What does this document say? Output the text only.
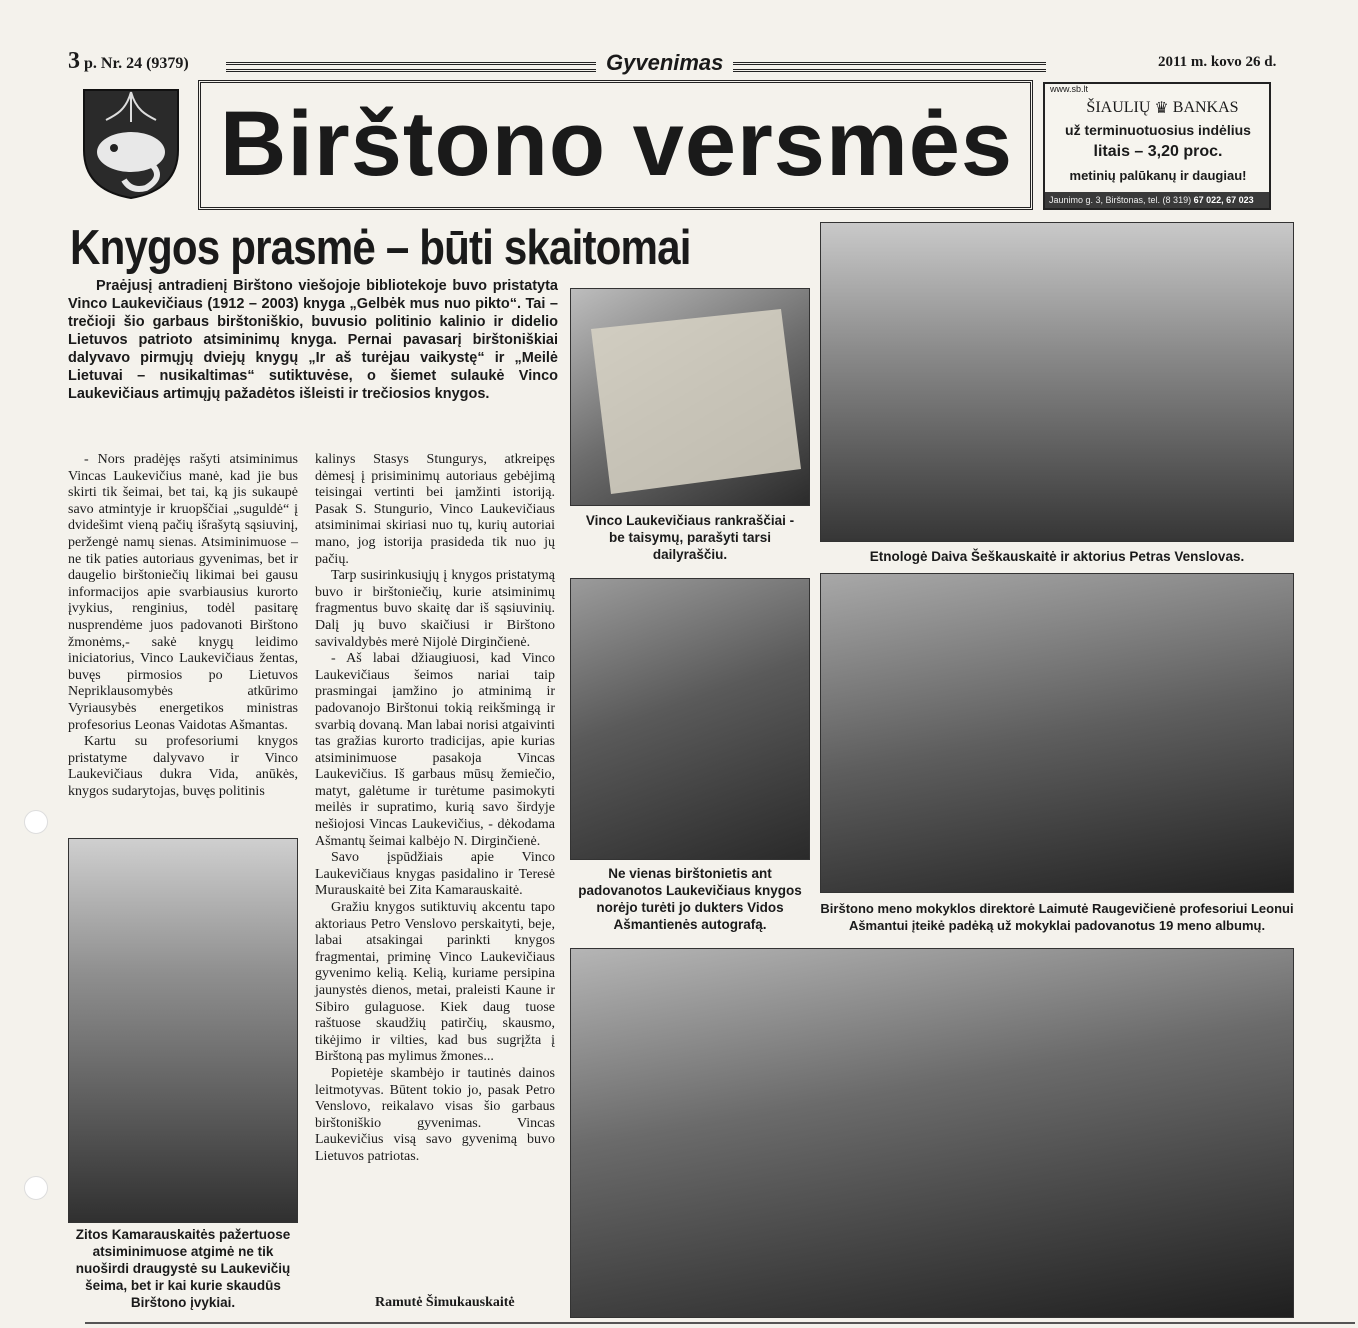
3 p. Nr. 24 (9379)	Gyvenimas	2011 m. kovo 26 d.
Birštono versmės
www.sb.lt
ŠIAULIŲ ♛ BANKAS
už terminuotuosius indėlius
litais – 3,20 proc.
metinių palūkanų ir daugiau!
Jaunimo g. 3, Birštonas, tel. (8 319) 67 022, 67 023
Knygos prasmė – būti skaitomai
Praėjusį antradienį Birštono viešojoje bibliotekoje buvo pristatyta Vinco Laukevičiaus (1912 – 2003) knyga „Gelbėk mus nuo pikto“. Tai – trečioji šio garbaus birštoniškio, buvusio politinio kalinio ir didelio Lietuvos patrioto atsiminimų knyga. Pernai pavasarį birštoniškiai dalyvavo pirmųjų dviejų knygų „Ir aš turėjau vaikystę“ ir „Meilė Lietuvai – nusikaltimas“ sutiktuvėse, o šiemet sulaukė Vinco Laukevičiaus artimųjų pažadėtos išleisti ir trečiosios knygos.

- Nors pradėjęs rašyti atsiminimus Vincas Laukevičius manė, kad jie bus skirti tik šeimai, bet tai, ką jis sukaupė savo atmintyje ir kruopščiai „suguldė“ į dvidešimt vieną pačių išrašytą sąsiuvinį, peržengė namų sienas. Atsiminimuose – ne tik paties autoriaus gyvenimas, bet ir daugelio birštoniečių likimai bei gausu informacijos apie svarbiausius kurorto įvykius, renginius, todėl pasitarę nusprendėme juos padovanoti Birštono žmonėms,- sakė knygų leidimo iniciatorius, Vinco Laukevičiaus žentas, buvęs pirmosios po Lietuvos Nepriklausomybės atkūrimo Vyriausybės energetikos ministras profesorius Leonas Vaidotas Ašmantas.

Kartu su profesoriumi knygos pristatyme dalyvavo ir Vinco Laukevičiaus dukra Vida, anūkės, knygos sudarytojas, buvęs politinis

kalinys Stasys Stungurys, atkreipęs dėmesį į prisiminimų autoriaus gebėjimą teisingai vertinti bei įamžinti istoriją. Pasak S. Stungurio, Vinco Laukevičiaus atsiminimai skiriasi nuo tų, kurių autoriai mano, jog istorija prasideda tik nuo jų pačių.

Tarp susirinkusiųjų į knygos pristatymą buvo ir birštoniečių, kurie atsiminimų fragmentus buvo skaitę dar iš sąsiuvinių. Dalį jų buvo skaičiusi ir Birštono savivaldybės merė Nijolė Dirginčienė.

- Aš labai džiaugiuosi, kad Vinco Laukevičiaus šeimos nariai taip prasmingai įamžino jo atminimą ir padovanojo Birštonui tokią reikšmingą ir svarbią dovaną. Man labai norisi atgaivinti tas gražias kurorto tradicijas, apie kurias atsiminimuose pasakoja Vincas Laukevičius. Iš garbaus mūsų žemiečio, matyt, galėtume ir turėtume pasimokyti meilės ir supratimo, kurią savo širdyje nešiojosi Vincas Laukevičius, - dėkodama Ašmantų šeimai kalbėjo N. Dirginčienė.

Savo įspūdžiais apie Vinco Laukevičiaus knygas pasidalino ir Teresė Murauskaitė bei Zita Kamarauskaitė.

Gražiu knygos sutiktuvių akcentu tapo aktoriaus Petro Venslovo perskaityti, beje, labai atsakingai parinkti knygos fragmentai, priminę Vinco Laukevičiaus gyvenimo kelią. Kelią, kuriame persipina jaunystės dienos, metai, praleisti Kaune ir Sibiro gulaguose. Kiek daug tuose raštuose skaudžių patirčių, skausmo, tikėjimo ir vilties, kad bus sugrįžta į Birštoną pas mylimus žmones...

Popietėje skambėjo ir tautinės dainos leitmotyvas. Būtent tokio jo, pasak Petro Venslovo, reikalavo visas šio garbaus birštoniškio gyvenimas. Vincas Laukevičius visą savo gyvenimą buvo Lietuvos patriotas.

Ramutė Šimukauskaitė
Vinco Laukevičiaus rankraščiai - be taisymų, parašyti tarsi dailyraščiu.	Etnologė Daiva Šeškauskaitė ir aktorius Petras Venslovas.
Ne vienas birštonietis ant padovanotos Laukevičiaus knygos norėjo turėti jo dukters Vidos Ašmantienės autografą.
Birštono meno mokyklos direktorė Laimutė Raugevičienė profesoriui Leonui Ašmantui įteikė padėką už mokyklai padovanotus 19 meno albumų.
Zitos Kamarauskaitės pažertuose atsiminimuose atgimė ne tik nuoširdi draugystė su Laukevičių šeima, bet ir kai kurie skaudūs Birštono įvykiai.
